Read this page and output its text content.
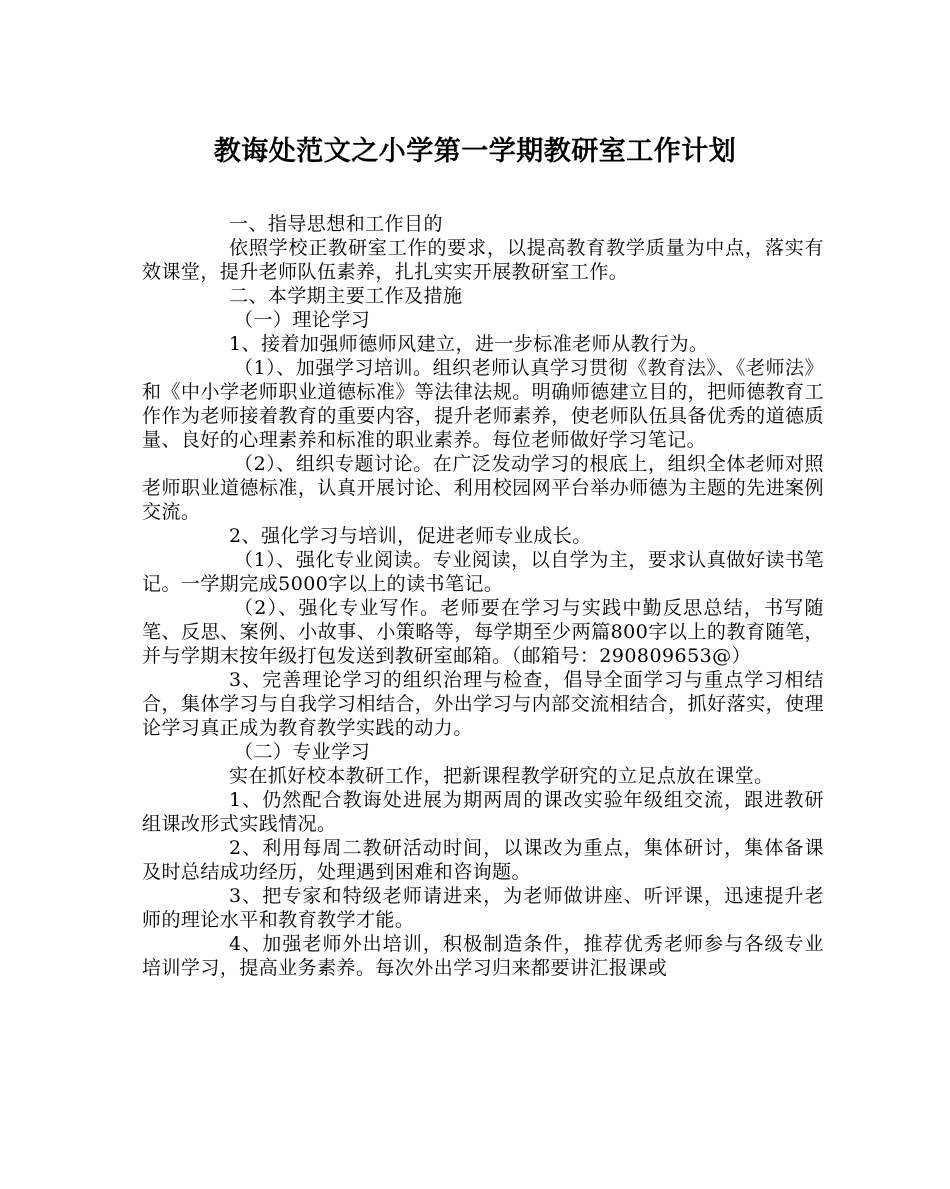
教诲处范文之小学第一学期教研室工作计划

一、指导思想和工作目的

依照学校正教研室工作的要求，以提高教育教学质量为中点，落实有效课堂，提升老师队伍素养，扎扎实实开展教研室工作。

二、本学期主要工作及措施

（一）理论学习

1、接着加强师德师风建立，进一步标准老师从教行为。

（1）、加强学习培训。组织老师认真学习贯彻《教育法》、《老师法》和《中小学老师职业道德标准》等法律法规。明确师德建立目的，把师德教育工作作为老师接着教育的重要内容，提升老师素养，使老师队伍具备优秀的道德质量、良好的心理素养和标准的职业素养。每位老师做好学习笔记。

（2）、组织专题讨论。在广泛发动学习的根底上，组织全体老师对照老师职业道德标准，认真开展讨论、利用校园网平台举办师德为主题的先进案例交流。

2、强化学习与培训，促进老师专业成长。

（1）、强化专业阅读。专业阅读，以自学为主，要求认真做好读书笔记。一学期完成5000字以上的读书笔记。

（2）、强化专业写作。老师要在学习与实践中勤反思总结，书写随笔、反思、案例、小故事、小策略等，每学期至少两篇800字以上的教育随笔，并与学期末按年级打包发送到教研室邮箱。（邮箱号：290809653@）

3、完善理论学习的组织治理与检查，倡导全面学习与重点学习相结合，集体学习与自我学习相结合，外出学习与内部交流相结合，抓好落实，使理论学习真正成为教育教学实践的动力。

（二）专业学习

实在抓好校本教研工作，把新课程教学研究的立足点放在课堂。

1、仍然配合教诲处进展为期两周的课改实验年级组交流，跟进教研组课改形式实践情况。

2、利用每周二教研活动时间，以课改为重点，集体研讨，集体备课及时总结成功经历，处理遇到困难和咨询题。

3、把专家和特级老师请进来，为老师做讲座、听评课，迅速提升老师的理论水平和教育教学才能。

4、加强老师外出培训，积极制造条件，推荐优秀老师参与各级专业培训学习，提高业务素养。每次外出学习归来都要讲汇报课或
